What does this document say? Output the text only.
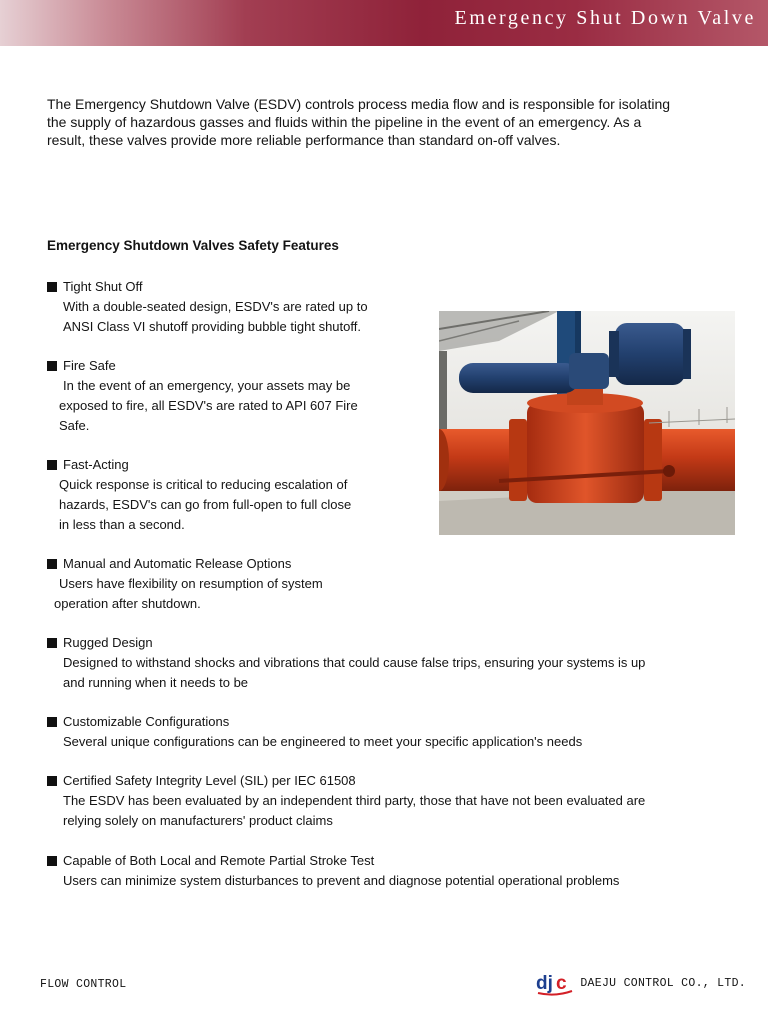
Emergency Shut Down Valve

The Emergency Shutdown Valve (ESDV) controls process media flow and is responsible for isolating

the supply of hazardous gasses and fluids within the pipeline in the event of an emergency. As a

result, these valves provide more reliable performance than standard on-off valves.

Emergency Shutdown Valves Safety Features
Tight Shut Off
With a double-seated design, ESDV's are rated up to
ANSI Class VI shutoff providing bubble tight shutoff.
Fire Safe
In the event of an emergency, your assets may be
exposed to fire, all ESDV's are rated to API 607 Fire
Safe.
Fast-Acting
Quick response is critical to reducing escalation of
hazards, ESDV's can go from full-open to full close
in less than a second.
Manual and Automatic Release Options
Users have flexibility on resumption of system
operation after shutdown.
Rugged Design
Designed to withstand shocks and vibrations that could cause false trips, ensuring your systems is up
and running when it needs to be
Customizable Configurations
Several unique configurations can be engineered to meet your specific application's needs
Certified Safety Integrity Level (SIL) per IEC 61508
The ESDV has been evaluated by an independent third party, those that have not been evaluated are
relying solely on manufacturers' product claims
Capable of Both Local and Remote Partial Stroke Test
Users can minimize system disturbances to prevent and diagnose potential operational problems
FLOW CONTROL	dj c DAEJU CONTROL CO., LTD.
